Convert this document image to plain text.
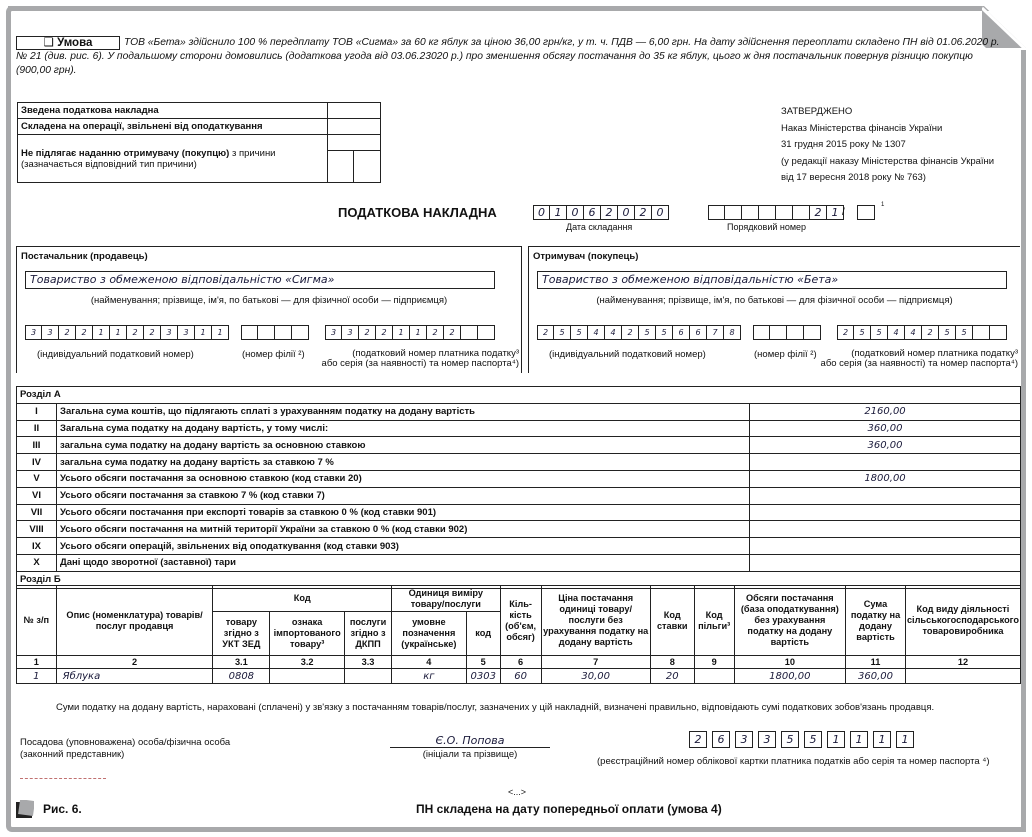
❑ Умова	ТОВ «Бета» здійснило 100 % передплату ТОВ «Сигма» за 60 кг яблук за ціною 36,00 грн/кг, у т. ч. ПДВ — 6,00 грн. На дату здійснення переоплати складено ПН від 01.06.2020 р. № 21 (див. рис. 6). У подальшому сторони домовились (додаткова угода від 03.06.23020 р.) про зменшення обсягу постачання до 35 кг яблук, цього ж дня постачальник повернув різницю покупцю (900,00 грн).
Зведена податкова накладна		
Складена на операції, звільнені від оподаткування		
Не підлягає наданню отримувачу (покупцю) з причини
(зазначається відповідний тип причини)		

ЗАТВЕРДЖЕНО
Наказ Міністерства фінансів України
31 грудня 2015 року № 1307
(у редакції наказу Міністерства фінансів України
від 17 вересня 2018 року № 763)
ПОДАТКОВА НАКЛАДНА	0 1 0 6 2 0 2 0
Дата складання
2 1
Порядковий номер
/
1
Постачальник (продавець)
Товариство з обмеженою відповідальністю «Сигма»
(найменування; прізвище, ім'я, по батькові — для фізичної особи — підприємця)
3	3	2	2	1	1	2	2	3	3	1	1	3	3	2	2	1	1	2	2
(індивідуальний податковий номер)	(номер філії ²)	(податковий номер платника податку³
або серія (за наявності) та номер паспорта⁴)
Отримувач (покупець)
Товариство з обмеженою відповідальністю «Бета»
(найменування; прізвище, ім'я, по батькові — для фізичної особи — підприємця)
2	5	5	4	4	2	5	5	6	6	7	8	2	5	5	4	4	2	5	5
(індивідуальний податковий номер)	(номер філії ²)	(податковий номер платника податку³
або серія (за наявності) та номер паспорта⁴)
Розділ А		
I	Загальна сума коштів, що підлягають сплаті з урахуванням податку на додану вартість	2160,00
II	Загальна сума податку на додану вартість, у тому числі:	360,00
III	загальна сума податку на додану вартість за основною ставкою	360,00
IV	загальна сума податку на додану вартість за ставкою 7 %	
V	Усього обсяги постачання за основною ставкою (код ставки 20)	1800,00
VI	Усього обсяги постачання за ставкою 7 % (код ставки 7)	
VII	Усього обсяги постачання при експорті товарів за ставкою 0 % (код ставки 901)	
VIII	Усього обсяги постачання на митній території України за ставкою 0 % (код ставки 902)	
IX	Усього обсяги операцій, звільнених від оподаткування (код ставки 903)	
X	Дані щодо зворотної (заставної) тари	
Розділ Б		
№ з/п	Опис (номенклатура) товарів/ послуг продавця	Код			Одиниця виміру товару/послуги		Кіль-кість (об'єм, обсяг)	Ціна постачання одиниці товару/ послуги без урахування податку на додану вартість	Код ставки	Код пільги³	Обсяги постачання (база оподаткування) без урахування податку на додану вартість	Сума податку на додану вартість	Код виду діяльності сільськогосподарського товаровиробника
		товару згідно з УКТ ЗЕД	ознака імпортованого товару³	послуги згідно з ДКПП	умовне позначення (українське)	код							
1	2	3.1	3.2	3.3	4	5	6	7	8	9	10	11	12
1	Яблука	0808			кг	0303	60	30,00	20		1800,00	360,00	
Суми податку на додану вартість, нараховані (сплачені) у зв'язку з постачанням товарів/послуг, зазначених у цій накладній, визначені правильно, відповідають сумі податкових зобов'язань продавця.
Посадова (уповноважена) особа/фізична особа
(законний представник)
Є.О. Попова
(ініціали та прізвище)
2	6	3	3	5	5	1	1	1	1
(реєстраційний номер облікової картки платника податків або серія та номер паспорта ⁴)
<...>
Рис. 6.	ПН складена на дату попередньої оплати (умова 4)
